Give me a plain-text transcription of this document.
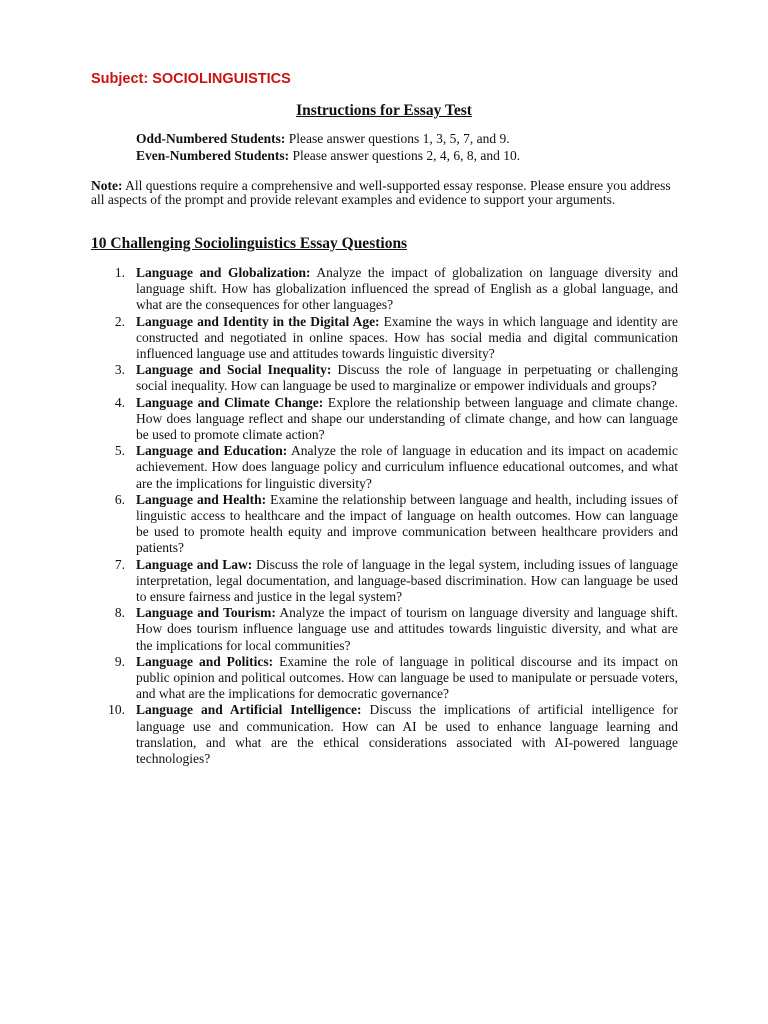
Subject: SOCIOLINGUISTICS
Instructions for Essay Test
Odd-Numbered Students: Please answer questions 1, 3, 5, 7, and 9.
Even-Numbered Students: Please answer questions 2, 4, 6, 8, and 10.
Note: All questions require a comprehensive and well-supported essay response. Please ensure you address all aspects of the prompt and provide relevant examples and evidence to support your arguments.
10 Challenging Sociolinguistics Essay Questions
1. Language and Globalization: Analyze the impact of globalization on language diversity and language shift. How has globalization influenced the spread of English as a global language, and what are the consequences for other languages?
2. Language and Identity in the Digital Age: Examine the ways in which language and identity are constructed and negotiated in online spaces. How has social media and digital communication influenced language use and attitudes towards linguistic diversity?
3. Language and Social Inequality: Discuss the role of language in perpetuating or challenging social inequality. How can language be used to marginalize or empower individuals and groups?
4. Language and Climate Change: Explore the relationship between language and climate change. How does language reflect and shape our understanding of climate change, and how can language be used to promote climate action?
5. Language and Education: Analyze the role of language in education and its impact on academic achievement. How does language policy and curriculum influence educational outcomes, and what are the implications for linguistic diversity?
6. Language and Health: Examine the relationship between language and health, including issues of linguistic access to healthcare and the impact of language on health outcomes. How can language be used to promote health equity and improve communication between healthcare providers and patients?
7. Language and Law: Discuss the role of language in the legal system, including issues of language interpretation, legal documentation, and language-based discrimination. How can language be used to ensure fairness and justice in the legal system?
8. Language and Tourism: Analyze the impact of tourism on language diversity and language shift. How does tourism influence language use and attitudes towards linguistic diversity, and what are the implications for local communities?
9. Language and Politics: Examine the role of language in political discourse and its impact on public opinion and political outcomes. How can language be used to manipulate or persuade voters, and what are the implications for democratic governance?
10. Language and Artificial Intelligence: Discuss the implications of artificial intelligence for language use and communication. How can AI be used to enhance language learning and translation, and what are the ethical considerations associated with AI-powered language technologies?
